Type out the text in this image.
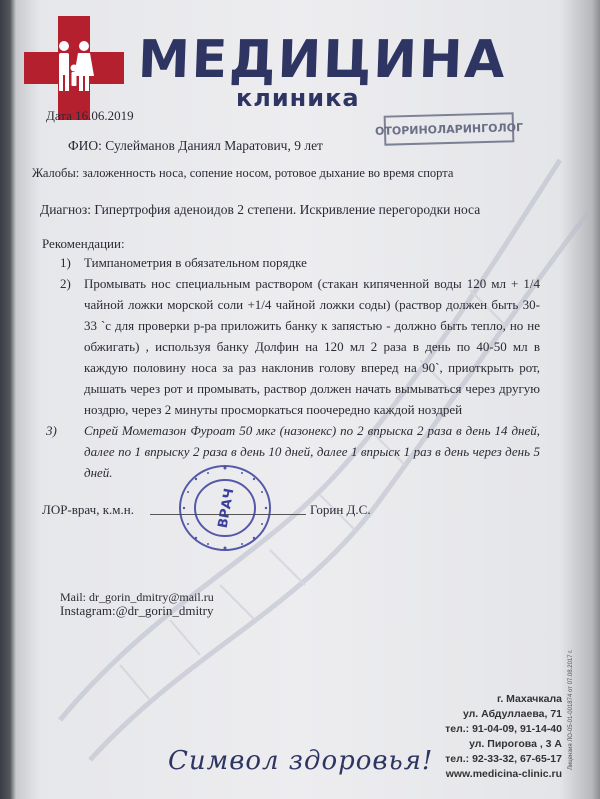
МЕДИЦИНА
клиника
ОТОРИНОЛАРИНГОЛОГ
Дата 16.06.2019
ФИО: Сулейманов Даниял Маратович, 9 лет
Жалобы: заложенность носа, сопение носом, ротовое дыхание во время спорта
Диагноз: Гипертрофия аденоидов 2 степени. Искривление перегородки носа
Рекомендации:
1) Тимпанометрия в обязательном порядке
2) Промывать нос специальным раствором (стакан кипяченной воды 120 мл + 1/4 чайной ложки морской соли +1/4 чайной ложки соды) (раствор должен быть 30-33 `с для проверки р-ра приложить банку к запястью - должно быть тепло, но не обжигать) , используя банку Долфин на 120 мл 2 раза в день по 40-50 мл в каждую половину носа за раз наклонив голову вперед на 90`, приоткрыть рот, дышать через рот и промывать, раствор должен начать вымываться через другую ноздрю, через 2 минуты просморкаться поочередно каждой ноздрей
3) Спрей Мометазон Фуроат 50 мкг (назонекс) по 2 впрыска 2 раза в день 14 дней, далее по 1 впрыску 2 раза в день 10 дней, далее 1 впрыск 1 раз в день через день 5 дней.
ЛОР-врач, к.м.н.	Горин Д.С.
ВРАЧ
Mail: dr_gorin_dmitry@mail.ru
Instagram:@dr_gorin_dmitry
г. Махачкала
ул. Абдуллаева, 71
тел.: 91-04-09, 91-14-40
ул. Пирогова , 3 А
тел.: 92-33-32, 67-65-17
www.medicina-clinic.ru
Символ здоровья!	Лицензия ЛО-05-01-001874 от 07.08.2017 г.
